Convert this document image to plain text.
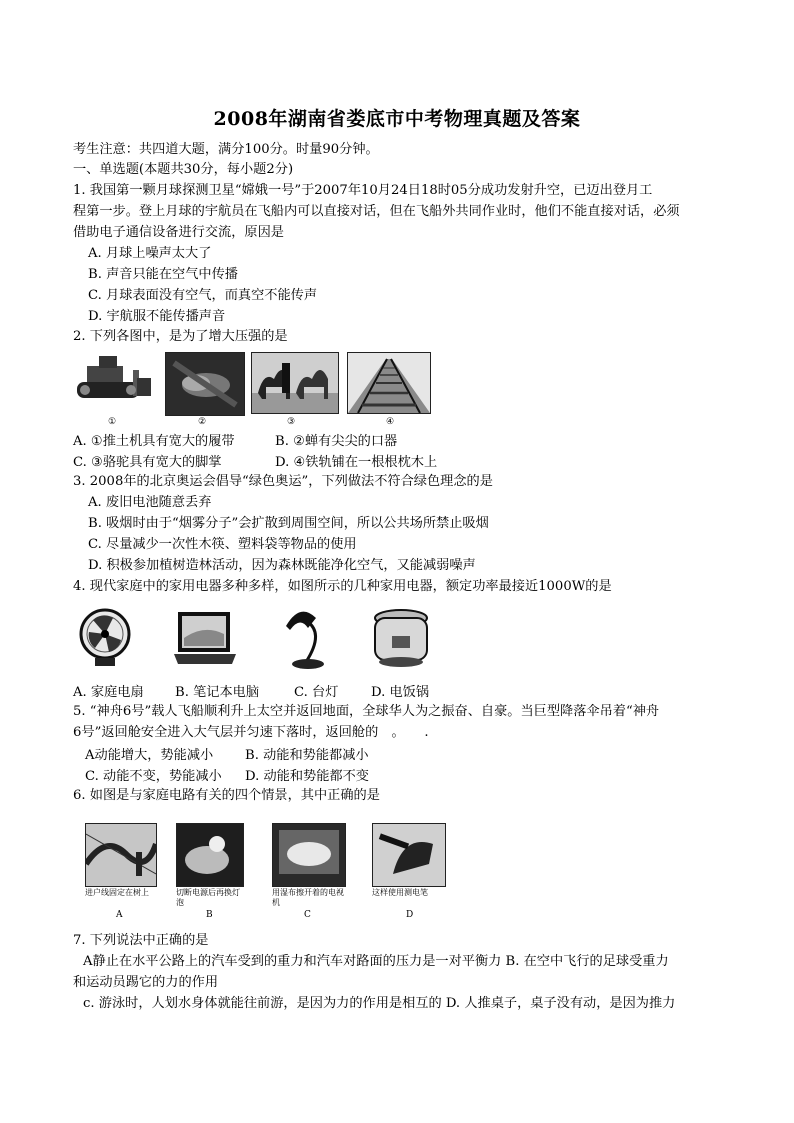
2008年湖南省娄底市中考物理真题及答案
考生注意：共四道大题，满分100分。时量90分钟。
一、单选题(本题共30分，每小题2分)
1. 我国第一颗月球探测卫星“嫦娥一号”于2007年10月24日18时05分成功发射升空，已迈出登月工
程第一步。登上月球的宇航员在飞船内可以直接对话，但在飞船外共同作业时，他们不能直接对话，必须
借助电子通信设备进行交流，原因是
A. 月球上噪声太大了
B. 声音只能在空气中传播
C. 月球表面没有空气，而真空不能传声
D. 宇航服不能传播声音
2. 下列各图中，是为了增大压强的是
①	②	③	④
A. ①推土机具有宽大的履带	B. ②蝉有尖尖的口器
C. ③骆驼具有宽大的脚掌	D. ④铁轨铺在一根根枕木上
3. 2008年的北京奥运会倡导“绿色奥运”，下列做法不符合绿色理念的是
A. 废旧电池随意丢弃
B. 吸烟时由于“烟雾分子”会扩散到周围空间，所以公共场所禁止吸烟
C. 尽量减少一次性木筷、塑料袋等物品的使用
D. 积极参加植树造林活动，因为森林既能净化空气，又能减弱噪声
4. 现代家庭中的家用电器多种多样，如图所示的几种家用电器，额定功率最接近1000W的是
A. 家庭电扇 B. 笔记本电脑	C. 台灯 D. 电饭锅
5. “神舟6号”载人飞船顺利升上太空并返回地面，全球华人为之振奋、自豪。当巨型降落伞吊着“神舟
6号”返回舱安全进入大气层并匀速下落时，返回舱的　。　　.
A动能增大，势能减小 B. 动能和势能都减小
C. 动能不变，势能减小 D. 动能和势能都不变
6. 如图是与家庭电路有关的四个情景，其中正确的是
进户线固定在树上	切断电源后再换灯泡
用湿布擦开着的电视机
这样使用测电笔
A	B	C	D
7. 下列说法中正确的是
A静止在水平公路上的汽车受到的重力和汽车对路面的压力是一对平衡力 B. 在空中飞行的足球受重力
和运动员踢它的力的作用
c. 游泳时，人划水身体就能往前游，是因为力的作用是相互的 D. 人推桌子，桌子没有动，是因为推力
